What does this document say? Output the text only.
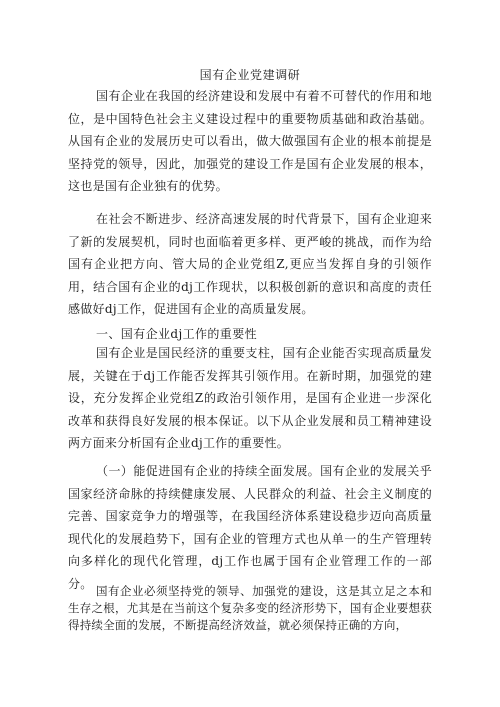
国有企业党建调研

国有企业在我国的经济建设和发展中有着不可替代的作用和地位，是中国特色社会主义建设过程中的重要物质基础和政治基础。从国有企业的发展历史可以看出，做大做强国有企业的根本前提是坚持党的领导，因此，加强党的建设工作是国有企业发展的根本，这也是国有企业独有的优势。

在社会不断进步、经济高速发展的时代背景下，国有企业迎来了新的发展契机，同时也面临着更多样、更严峻的挑战，而作为给国有企业把方向、管大局的企业党组Z,更应当发挥自身的引领作用，结合国有企业的dj工作现状，以积极创新的意识和高度的责任感做好dj工作，促进国有企业的高质量发展。

一、国有企业dj工作的重要性

国有企业是国民经济的重要支柱，国有企业能否实现高质量发展，关键在于dj工作能否发挥其引领作用。在新时期，加强党的建设，充分发挥企业党组Z的政治引领作用，是国有企业进一步深化改革和获得良好发展的根本保证。以下从企业发展和员工精神建设两方面来分析国有企业dj工作的重要性。

（一）能促进国有企业的持续全面发展。国有企业的发展关乎国家经济命脉的持续健康发展、人民群众的利益、社会主义制度的完善、国家竞争力的增强等，在我国经济体系建设稳步迈向高质量现代化的发展趋势下，国有企业的管理方式也从单一的生产管理转向多样化的现代化管理，dj工作也属于国有企业管理工作的一部分。

国有企业必须坚持党的领导、加强党的建设，这是其立足之本和生存之根，尤其是在当前这个复杂多变的经济形势下，国有企业要想获得持续全面的发展，不断提高经济效益，就必须保持正确的方向，
